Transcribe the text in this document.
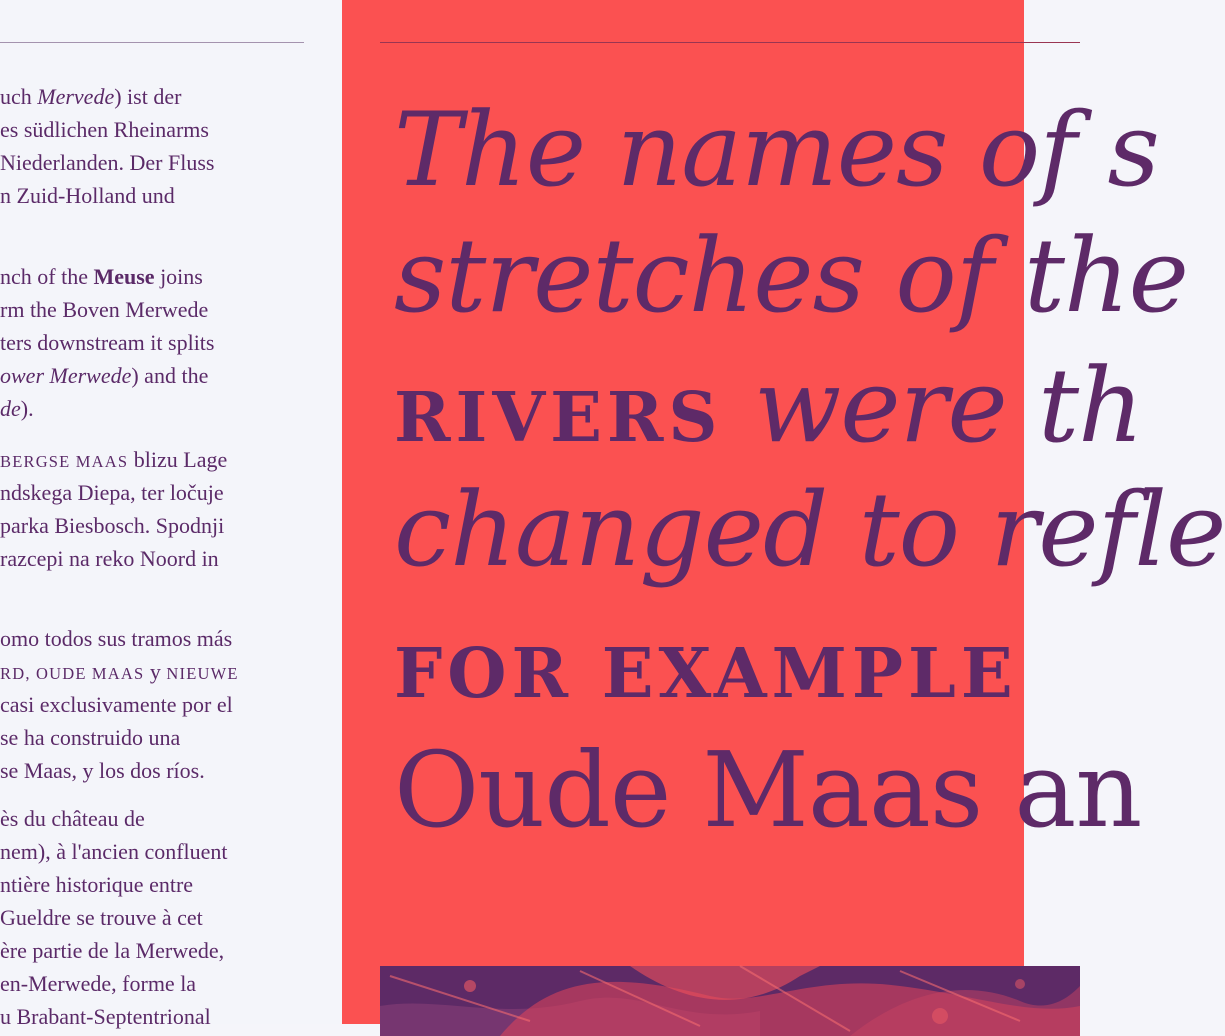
uch Mervede) ist der
es südlichen Rheinarms
Niederlanden. Der Fluss
n Zuid-Holland und
nch of the Meuse joins
rm the Boven Merwede
ters downstream it splits
ower Merwede) and the
de).
BERGSE MAAS blizu Lage
ndskega Diepa, ter ločuje
parka Biesbosch. Spodnji
razcepi na reko Noord in
omo todos sus tramos más
RD, OUDE MAAS y NIEUWE
casi exclusivamente por el
se ha construido una
se Maas, y los dos ríos.
ès du château de
nem), à l'ancien confluent
ntière historique entre
Gueldre se trouve à cet
ère partie de la Merwede,
en-Merwede, forme la
u Brabant-Septentrional
The names of s
stretches of the
RIVERS were th
changed to refle
FOR EXAMPLE
Oude Maas an
